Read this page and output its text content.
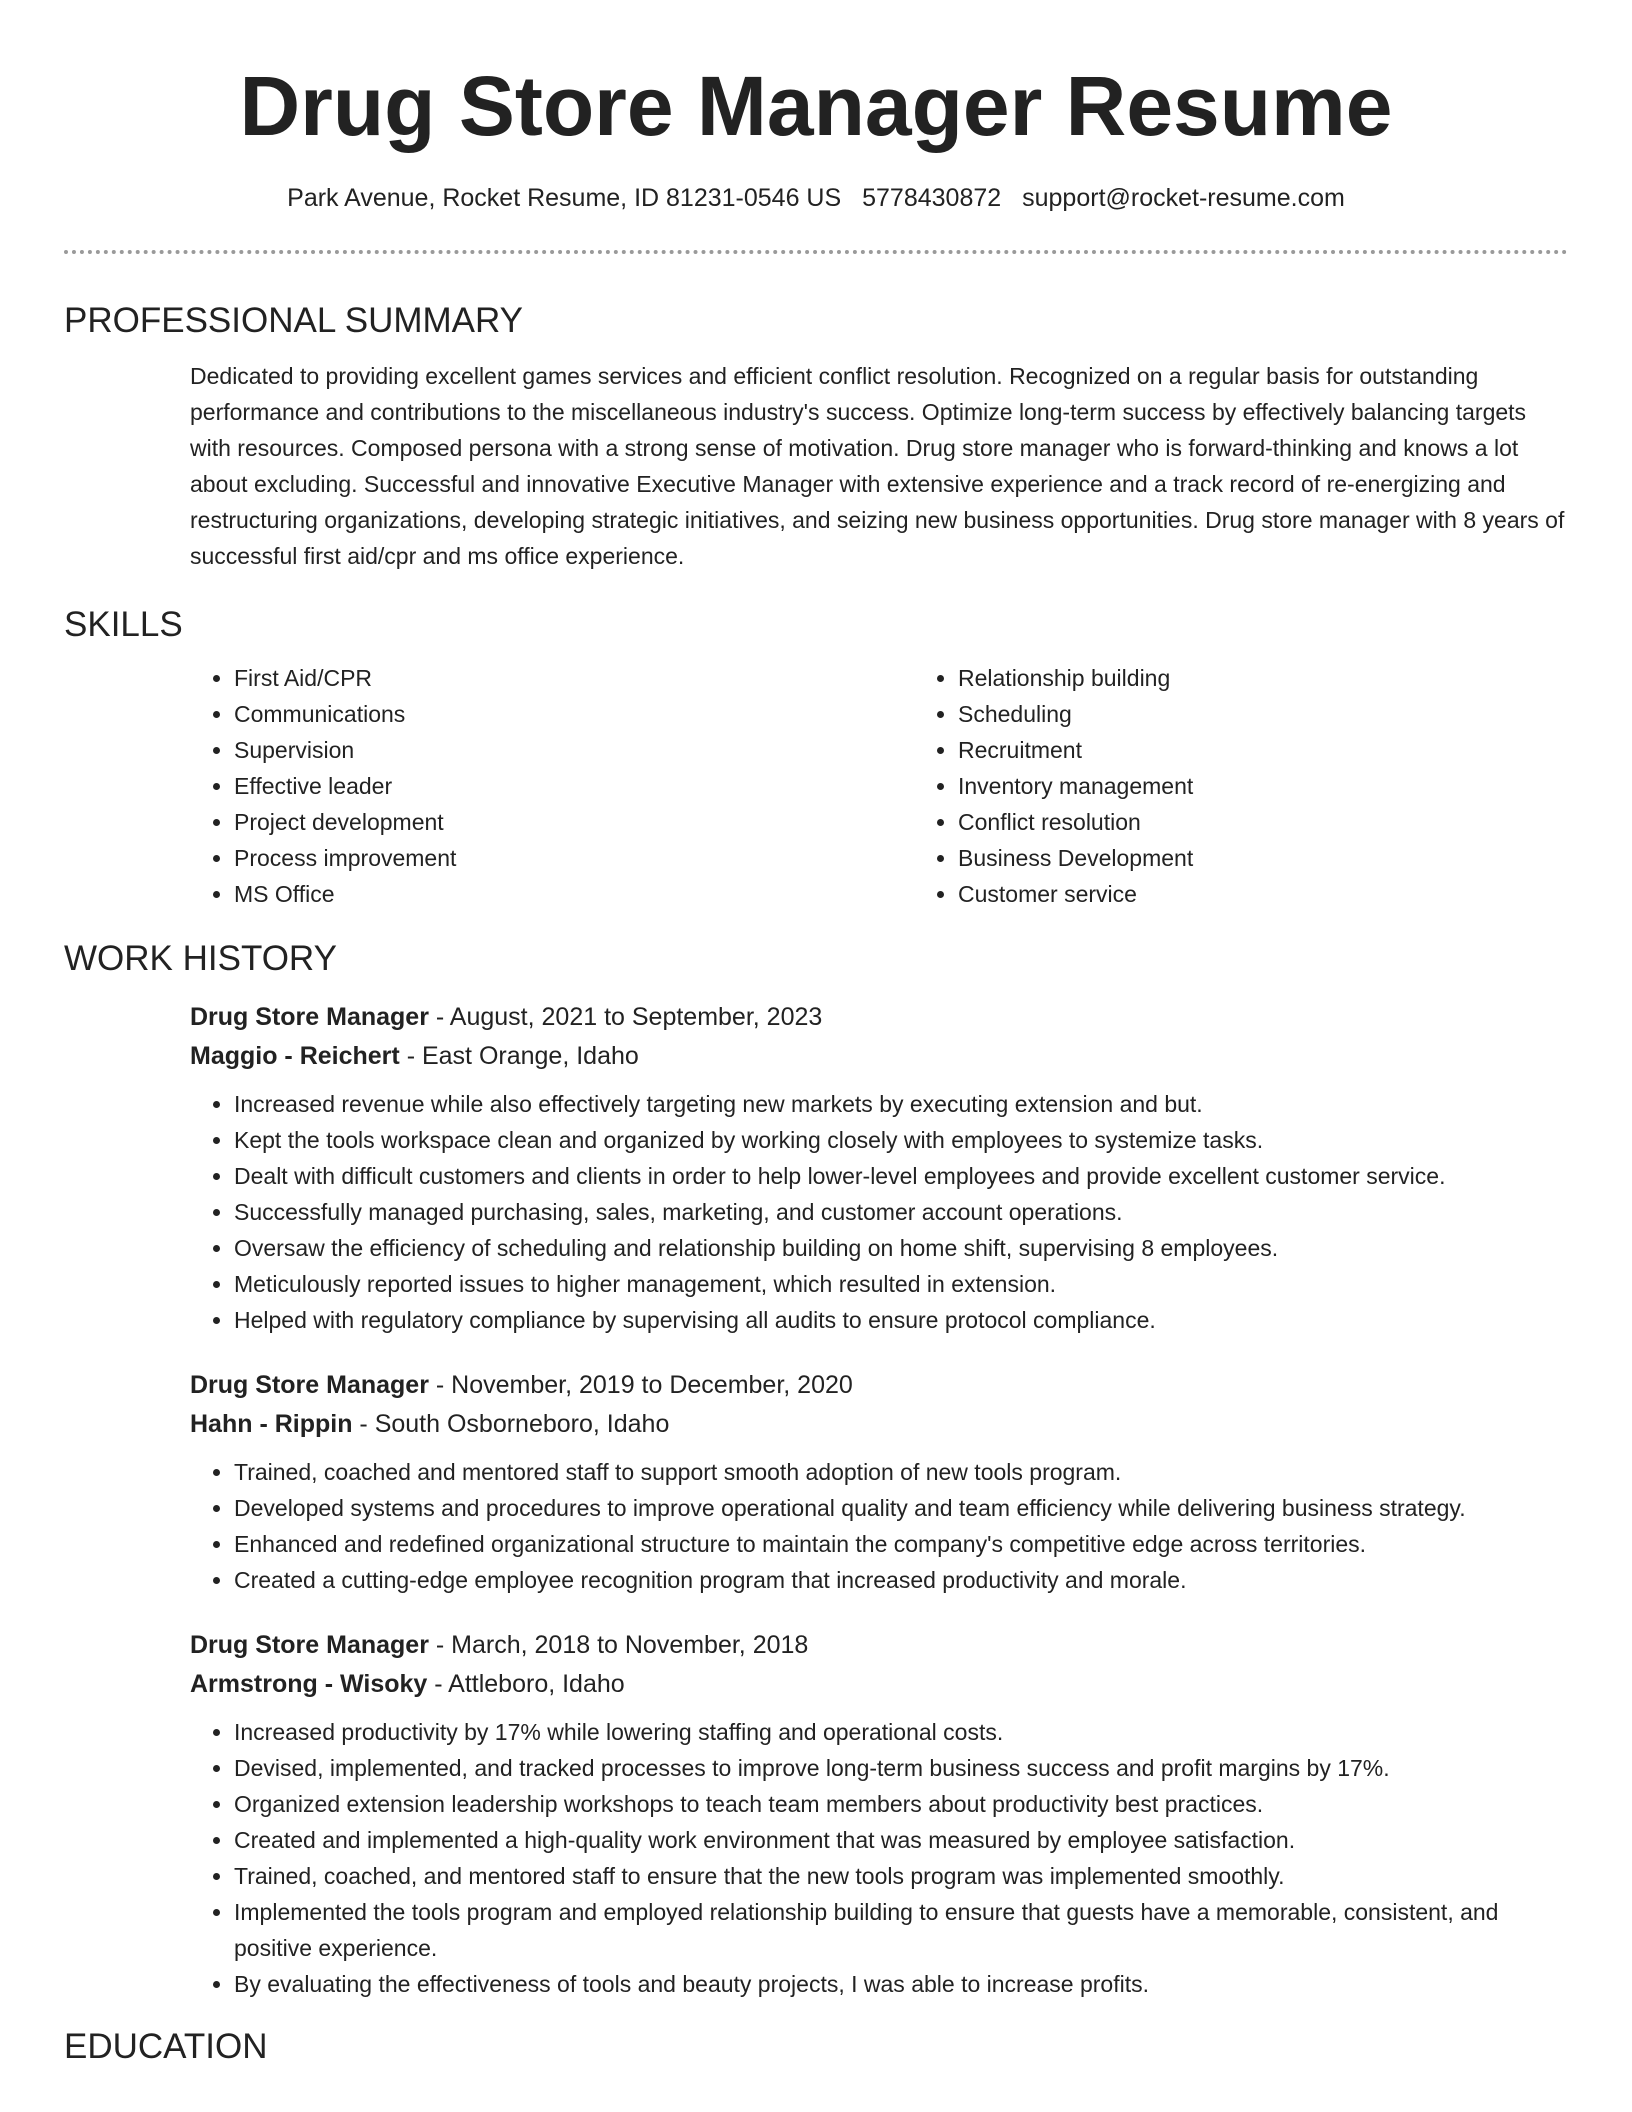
Drug Store Manager Resume
Park Avenue, Rocket Resume, ID 81231-0546 US 5778430872 support@rocket-resume.com
PROFESSIONAL SUMMARY

Dedicated to providing excellent games services and efficient conflict resolution. Recognized on a regular basis for outstanding performance and contributions to the miscellaneous industry's success. Optimize long-term success by effectively balancing targets with resources. Composed persona with a strong sense of motivation. Drug store manager who is forward-thinking and knows a lot about excluding. Successful and innovative Executive Manager with extensive experience and a track record of re-energizing and restructuring organizations, developing strategic initiatives, and seizing new business opportunities. Drug store manager with 8 years of successful first aid/cpr and ms office experience.

SKILLS
• First Aid/CPR
• Communications
• Supervision
• Effective leader
• Project development
• Process improvement
• MS Office
• Relationship building
• Scheduling
• Recruitment
• Inventory management
• Conflict resolution
• Business Development
• Customer service
WORK HISTORY
Drug Store Manager - August, 2021 to September, 2023
Maggio - Reichert - East Orange, Idaho
• Increased revenue while also effectively targeting new markets by executing extension and but.
• Kept the tools workspace clean and organized by working closely with employees to systemize tasks.
• Dealt with difficult customers and clients in order to help lower-level employees and provide excellent customer service.
• Successfully managed purchasing, sales, marketing, and customer account operations.
• Oversaw the efficiency of scheduling and relationship building on home shift, supervising 8 employees.
• Meticulously reported issues to higher management, which resulted in extension.
• Helped with regulatory compliance by supervising all audits to ensure protocol compliance.
Drug Store Manager - November, 2019 to December, 2020
Hahn - Rippin - South Osborneboro, Idaho
• Trained, coached and mentored staff to support smooth adoption of new tools program.
• Developed systems and procedures to improve operational quality and team efficiency while delivering business strategy.
• Enhanced and redefined organizational structure to maintain the company's competitive edge across territories.
• Created a cutting-edge employee recognition program that increased productivity and morale.
Drug Store Manager - March, 2018 to November, 2018
Armstrong - Wisoky - Attleboro, Idaho
• Increased productivity by 17% while lowering staffing and operational costs.
• Devised, implemented, and tracked processes to improve long-term business success and profit margins by 17%.
• Organized extension leadership workshops to teach team members about productivity best practices.
• Created and implemented a high-quality work environment that was measured by employee satisfaction.
• Trained, coached, and mentored staff to ensure that the new tools program was implemented smoothly.
• Implemented the tools program and employed relationship building to ensure that guests have a memorable, consistent, and positive experience.
• By evaluating the effectiveness of tools and beauty projects, I was able to increase profits.
EDUCATION
